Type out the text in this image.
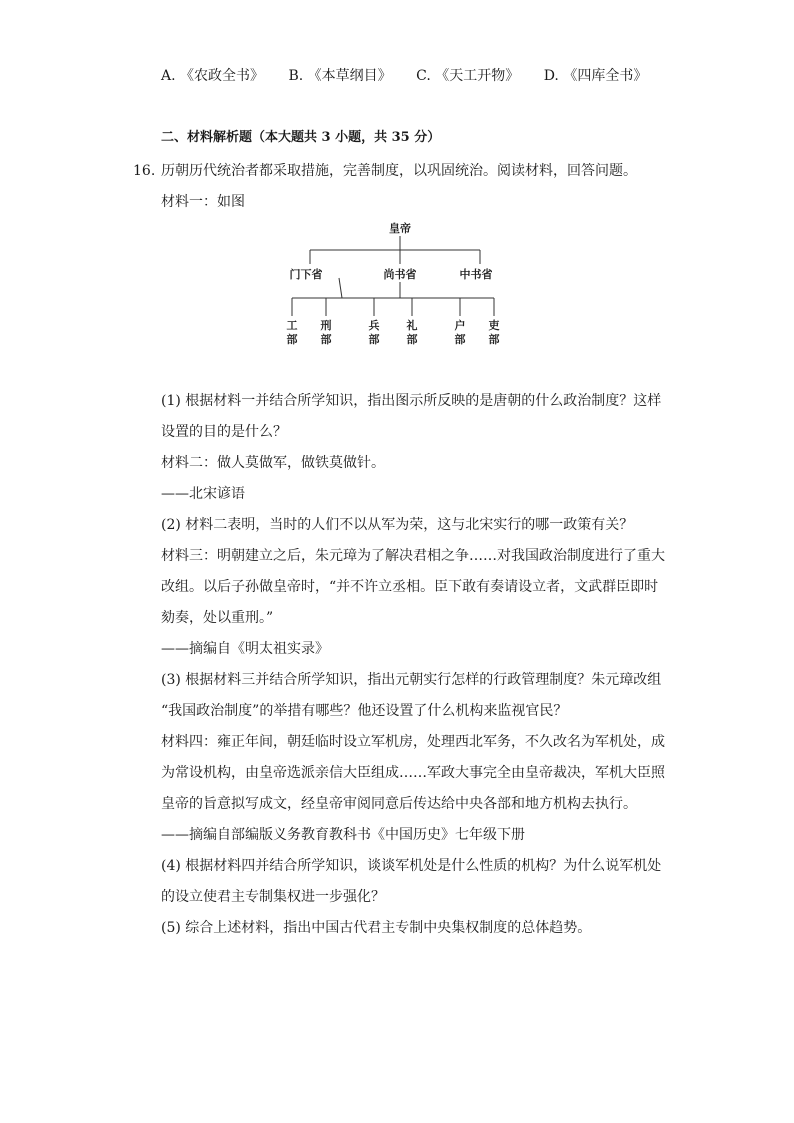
A. 《农政全书》 B. 《本草纲目》 C. 《天工开物》 D. 《四库全书》
二、材料解析题（本大题共 3 小题，共 35 分）
16. 历朝历代统治者都采取措施，完善制度，以巩固统治。阅读材料，回答问题。
材料一：如图
皇帝
门下省	尚书省	中书省
工
部
刑
部
兵
部
礼
部
户
部
吏
部
(1) 根据材料一并结合所学知识，指出图示所反映的是唐朝的什么政治制度？这样
设置的目的是什么？
材料二：做人莫做军，做铁莫做针。
——北宋谚语
(2) 材料二表明，当时的人们不以从军为荣，这与北宋实行的哪一政策有关？
材料三：明朝建立之后，朱元璋为了解决君相之争……对我国政治制度进行了重大
改组。以后子孙做皇帝时，“并不许立丞相。臣下敢有奏请设立者，文武群臣即时
劾奏，处以重刑。”
——摘编自《明太祖实录》
(3) 根据材料三并结合所学知识，指出元朝实行怎样的行政管理制度？朱元璋改组
“我国政治制度”的举措有哪些？他还设置了什么机构来监视官民？
材料四：雍正年间，朝廷临时设立军机房，处理西北军务，不久改名为军机处，成
为常设机构，由皇帝选派亲信大臣组成……军政大事完全由皇帝裁决，军机大臣照
皇帝的旨意拟写成文，经皇帝审阅同意后传达给中央各部和地方机构去执行。
——摘编自部编版义务教育教科书《中国历史》七年级下册
(4) 根据材料四并结合所学知识，谈谈军机处是什么性质的机构？为什么说军机处
的设立使君主专制集权进一步强化？
(5) 综合上述材料，指出中国古代君主专制中央集权制度的总体趋势。
